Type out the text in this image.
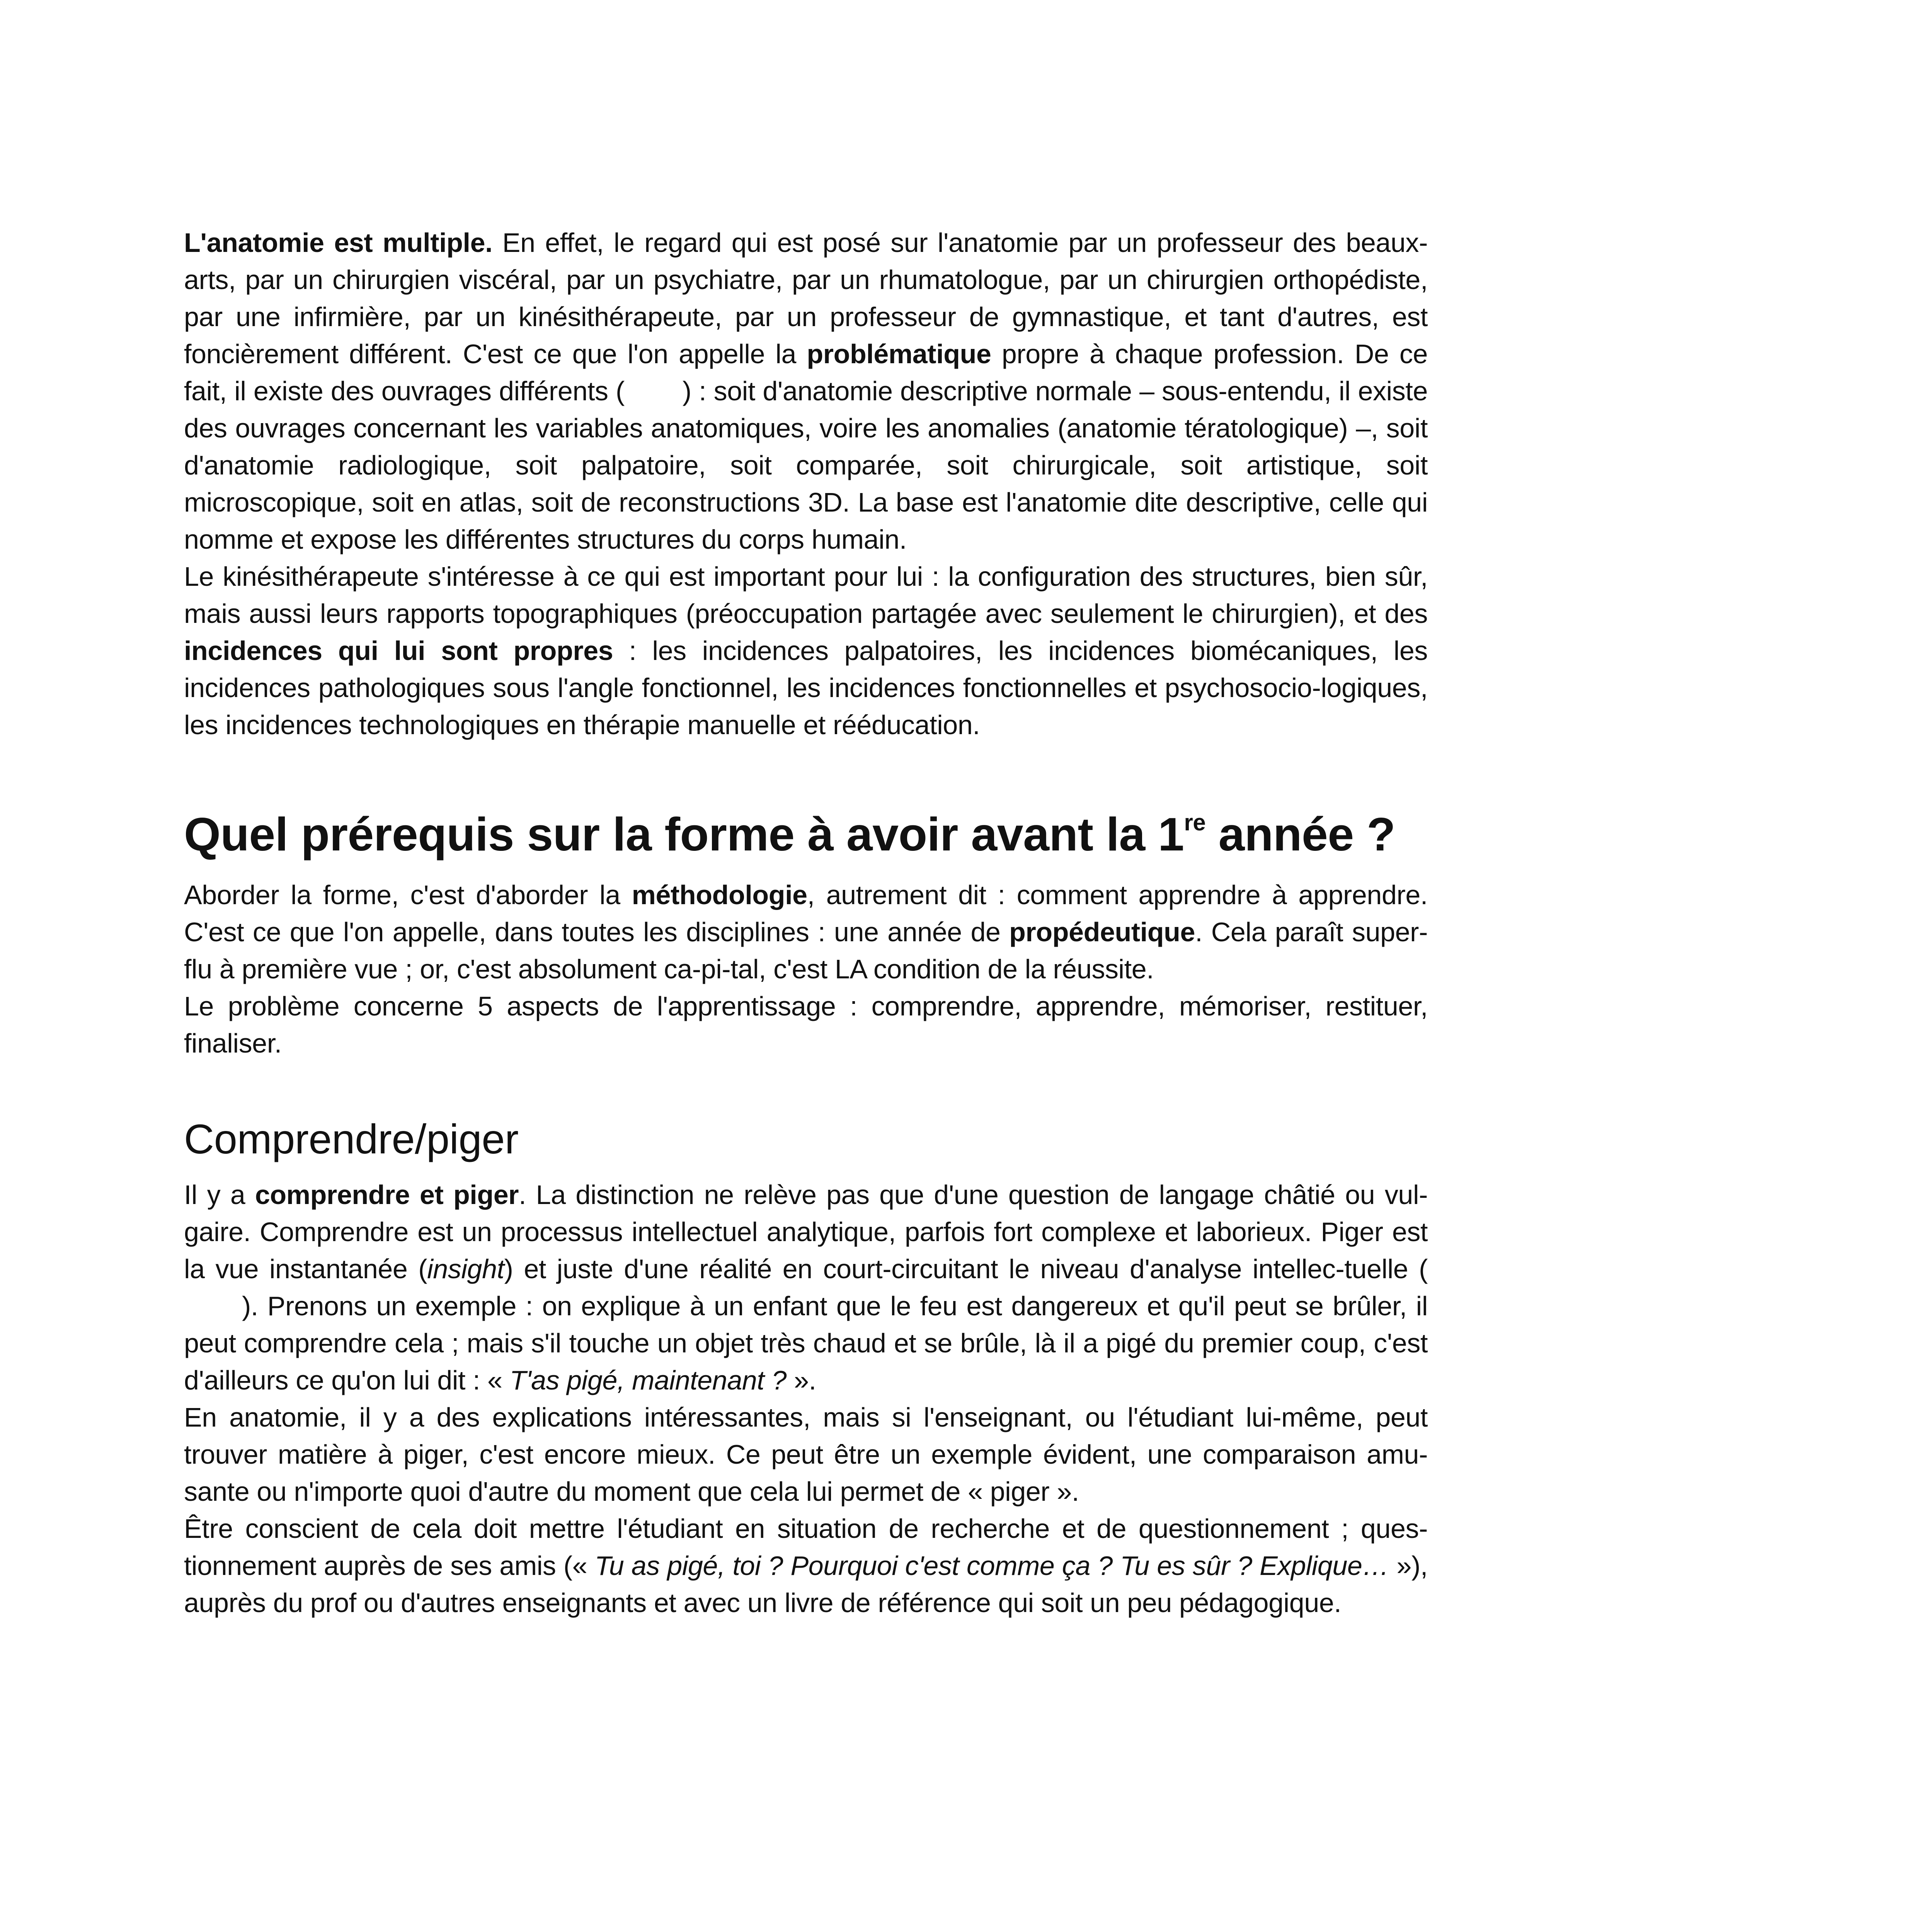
L'anatomie est multiple. En effet, le regard qui est posé sur l'anatomie par un professeur des beaux-arts, par un chirurgien viscéral, par un psychiatre, par un rhumatologue, par un chirurgien orthopédiste, par une infirmière, par un kinésithérapeute, par un professeur de gymnastique, et tant d'autres, est foncièrement différent. C'est ce que l'on appelle la problématique propre à chaque profession. De ce fait, il existe des ouvrages différents ( ) : soit d'anatomie descriptive normale – sous-entendu, il existe des ouvrages concernant les variables anatomiques, voire les anomalies (anatomie tératologique) –, soit d'anatomie radiologique, soit palpatoire, soit comparée, soit chirurgicale, soit artistique, soit microscopique, soit en atlas, soit de reconstructions 3D. La base est l'anatomie dite descriptive, celle qui nomme et expose les différentes structures du corps humain.

Le kinésithérapeute s'intéresse à ce qui est important pour lui : la configuration des structures, bien sûr, mais aussi leurs rapports topographiques (préoccupation partagée avec seulement le chirurgien), et des incidences qui lui sont propres : les incidences palpatoires, les incidences biomécaniques, les incidences pathologiques sous l'angle fonctionnel, les incidences fonctionnelles et psychosocio-logiques, les incidences technologiques en thérapie manuelle et rééducation.

Quel prérequis sur la forme à avoir avant la 1re année ?

Aborder la forme, c'est d'aborder la méthodologie, autrement dit : comment apprendre à apprendre. C'est ce que l'on appelle, dans toutes les disciplines : une année de propédeutique. Cela paraît super-flu à première vue ; or, c'est absolument ca-pi-tal, c'est LA condition de la réussite.

Le problème concerne 5 aspects de l'apprentissage : comprendre, apprendre, mémoriser, restituer, finaliser.

Comprendre/piger

Il y a comprendre et piger. La distinction ne relève pas que d'une question de langage châtié ou vul-gaire. Comprendre est un processus intellectuel analytique, parfois fort complexe et laborieux. Piger est la vue instantanée (insight) et juste d'une réalité en court-circuitant le niveau d'analyse intellec-tuelle (). Prenons un exemple : on explique à un enfant que le feu est dangereux et qu'il peut se brûler, il peut comprendre cela ; mais s'il touche un objet très chaud et se brûle, là il a pigé du premier coup, c'est d'ailleurs ce qu'on lui dit : « T'as pigé, maintenant ? ».

En anatomie, il y a des explications intéressantes, mais si l'enseignant, ou l'étudiant lui-même, peut trouver matière à piger, c'est encore mieux. Ce peut être un exemple évident, une comparaison amu-sante ou n'importe quoi d'autre du moment que cela lui permet de « piger ».

Être conscient de cela doit mettre l'étudiant en situation de recherche et de questionnement ; ques-tionnement auprès de ses amis (« Tu as pigé, toi ? Pourquoi c'est comme ça ? Tu es sûr ? Explique… »), auprès du prof ou d'autres enseignants et avec un livre de référence qui soit un peu pédagogique.
